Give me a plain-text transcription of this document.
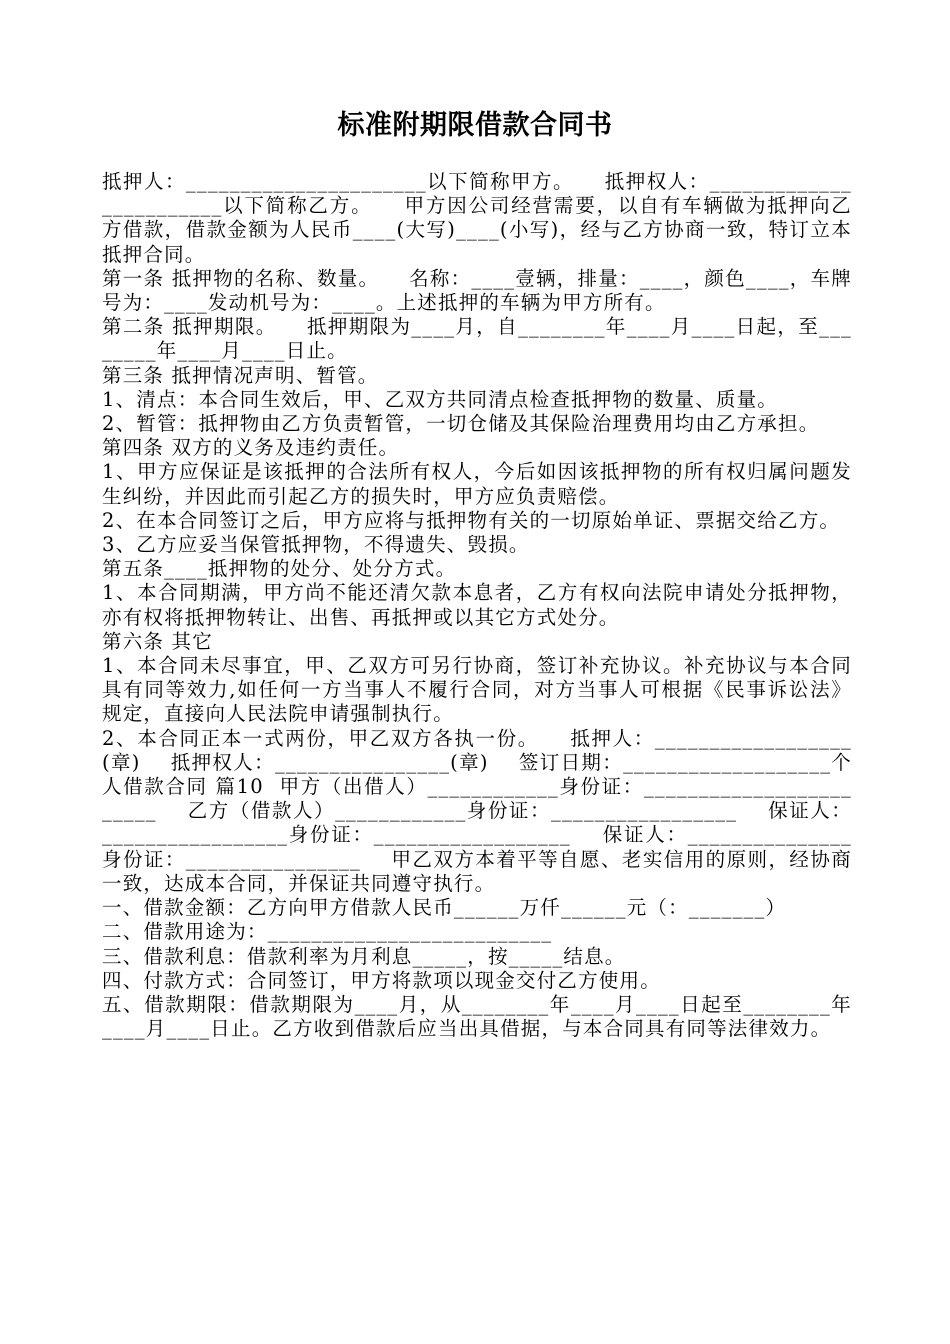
标准附期限借款合同书
抵押人：______________________以下简称甲方。    抵押权人：________________________以下简称乙方。    甲方因公司经营需要，以自有车辆做为抵押向乙方借款，借款金额为人民币____(大写)____(小写)，经与乙方协商一致，特订立本抵押合同。
第一条 抵押物的名称、数量。    名称：____壹辆，排量：____，颜色____，车牌号为：____发动机号为：____。上述抵押的车辆为甲方所有。
第二条 抵押期限。    抵押期限为____月，自________年____月____日起，至________年____月____日止。
第三条 抵押情况声明、暂管。
1、清点：本合同生效后，甲、乙双方共同清点检查抵押物的数量、质量。
2、暂管：抵押物由乙方负责暂管，一切仓储及其保险治理费用均由乙方承担。
第四条 双方的义务及违约责任。
1、甲方应保证是该抵押的合法所有权人，今后如因该抵押物的所有权归属问题发生纠纷，并因此而引起乙方的损失时，甲方应负责赔偿。
2、在本合同签订之后，甲方应将与抵押物有关的一切原始单证、票据交给乙方。
3、乙方应妥当保管抵押物，不得遗失、毁损。
第五条____抵押物的处分、处分方式。
1、本合同期满，甲方尚不能还清欠款本息者，乙方有权向法院申请处分抵押物，亦有权将抵押物转让、出售、再抵押或以其它方式处分。
第六条 其它
1、本合同未尽事宜，甲、乙双方可另行协商，签订补充协议。补充协议与本合同具有同等效力,如任何一方当事人不履行合同，对方当事人可根据《民事诉讼法》规定，直接向人民法院申请强制执行。
2、本合同正本一式两份，甲乙双方各执一份。    抵押人：__________________(章)    抵押权人：________________(章)    签订日期：___________________个人借款合同 篇10  甲方（出借人）____________身份证：________________________    乙方（借款人）____________身份证：_________________    保证人：_________________身份证：__________________    保证人：_______________身份证：________________    甲乙双方本着平等自愿、老实信用的原则，经协商一致，达成本合同，并保证共同遵守执行。
一、借款金额：乙方向甲方借款人民币______万仟______元（：_______）
二、借款用途为：__________________________
三、借款利息：借款利率为月利息_____，按_____结息。
四、付款方式：合同签订，甲方将款项以现金交付乙方使用。
五、借款期限：借款期限为____月，从________年____月____日起至________年____月____日止。乙方收到借款后应当出具借据，与本合同具有同等法律效力。
